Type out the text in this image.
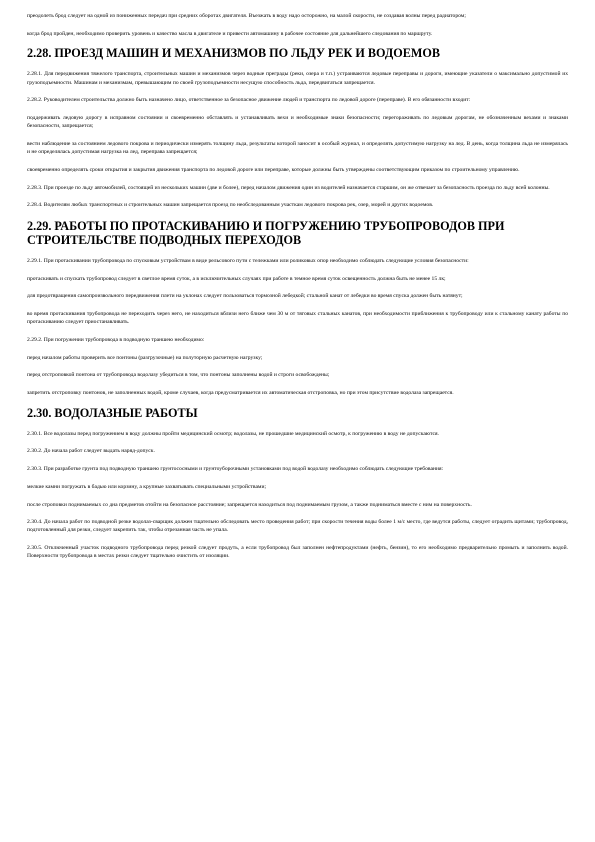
преодолеть брод следует на одной из пониженных передач при средних оборотах двигателя. Въезжать в воду надо осторожно, на малой скорости, не создавая волны перед радиатором;

когда брод пройден, необходимо проверить уровень и качество масла в двигателе и привести автомашину в рабочее состояние для дальнейшего следования по маршруту.

2.28. ПРОЕЗД МАШИН И МЕХАНИЗМОВ ПО ЛЬДУ РЕК И ВОДОЕМОВ

2.28.1. Для передвижения тяжелого транспорта, строительных машин и механизмов через водные преграды (реки, озера и т.п.) устраиваются ледовые переправы и дороги, имеющие указатели о максимально допустимой их грузоподъемности. Машинам и механизмам, превышающим по своей грузоподъемности несущую способность льда, передвигаться запрещается.

2.28.2. Руководителем строительства должно быть назначено лицо, ответственное за безопасное движение людей и транспорта по ледовой дороге (переправе). В его обязанности входит:

поддерживать ледовую дорогу в исправном состоянии и своевременно обставлять и устанавливать вехи и необходимые знаки безопасности; перегораживать по ледовым дорогам, не обозначенным вехами и знаками безопасности, запрещается;

вести наблюдение за состоянием ледового покрова и периодически измерять толщину льда, результаты которой заносит в особый журнал, и определять допустимую нагрузку на лед. В день, когда толщина льда не измерялась и не определялась допустимая нагрузка на лед, переправа запрещается;

своевременно определять сроки открытия и закрытия движения транспорта по ледовой дороге или переправе, которые должны быть утверждены соответствующим приказом по строительному управлению.

2.28.3. При проезде по льду автомобилей, состоящей из нескольких машин (две и более), перед началом движения один из водителей назначается старшим, он же отвечает за безопасность проезда по льду всей колонны.

2.28.4. Водителям любых транспортных и строительных машин запрещается проезд по необследованным участкам ледового покрова рек, озер, морей и других водоемов.

2.29. РАБОТЫ ПО ПРОТАСКИВАНИЮ И ПОГРУЖЕНИЮ ТРУБОПРОВОДОВ ПРИ СТРОИТЕЛЬСТВЕ ПОДВОДНЫХ ПЕРЕХОДОВ

2.29.1. При протаскивании трубопровода по спусковым устройствам в виде рельсового пути с тележками или роликовых опор необходимо соблюдать следующие условия безопасности:

протаскивать и спускать трубопровод следует в светлое время суток, а в исключительных случаях при работе в темное время суток освещенность должна быть не менее 15 лк;

для предотвращения самопроизвольного передвижения плети на уклонах следует пользоваться тормозной лебедкой; стальной канат от лебедки во время спуска должен быть натянут;

во время протаскивания трубопровода не переходить через него, не находиться вблизи него ближе чем 30 м от тяговых стальных канатов, при необходимости приближения к трубопроводу или к стальному канату работы по протаскиванию следует приостанавливать.

2.29.2. При погружении трубопровода в подводную траншею необходимо:

перед началом работы проверить все понтоны (разгрузочные) на полуторную расчетную нагрузку;

перед отстроповкой понтона от трубопровода водолазу убедиться в том, что понтоны заполнены водой и строги освобождены;

запретить отстроповку понтонов, не заполненных водой, кроме случаев, когда предусматривается их автоматическая отстроповка, но при этом присутствие водолаза запрещается.

2.30. ВОДОЛАЗНЫЕ РАБОТЫ

2.30.1. Все водолазы перед погружением в воду должны пройти медицинский осмотр; водолазы, не прошедшие медицинский осмотр, к погружению в воду не допускаются.

2.30.2. До начала работ следует выдать наряд-допуск.

2.30.3. При разработке грунта под подводную траншею грунтососными и грунтоуборочными установками под водой водолазу необходимо соблюдать следующие требования:

мелкие камни погружать в бадью или корзину, а крупные захватывать специальными устройствами;

после строповки поднимаемых со дна предметов отойти на безопасное расстояние; запрещается находиться под поднимаемым грузом, а также подниматься вместе с ним на поверхность.

2.30.4. До начала работ по подводной резке водолаз-сварщик должен тщательно обследовать место проведения работ; при скорости течения воды более 1 м/с место, где ведутся работы, следует оградить щитами; трубопровод, подготовленный для резки, следует закрепить так, чтобы отрезанная часть не упала.

2.30.5. Отключенный участок подводного трубопровода перед резкой следует продуть, а если трубопровод был заполнен нефтепродуктами (нефть, бензин), то его необходимо предварительно промыть и заполнить водой. Поверхности трубопровода в местах резки следует тщательно очистить от изоляции.
